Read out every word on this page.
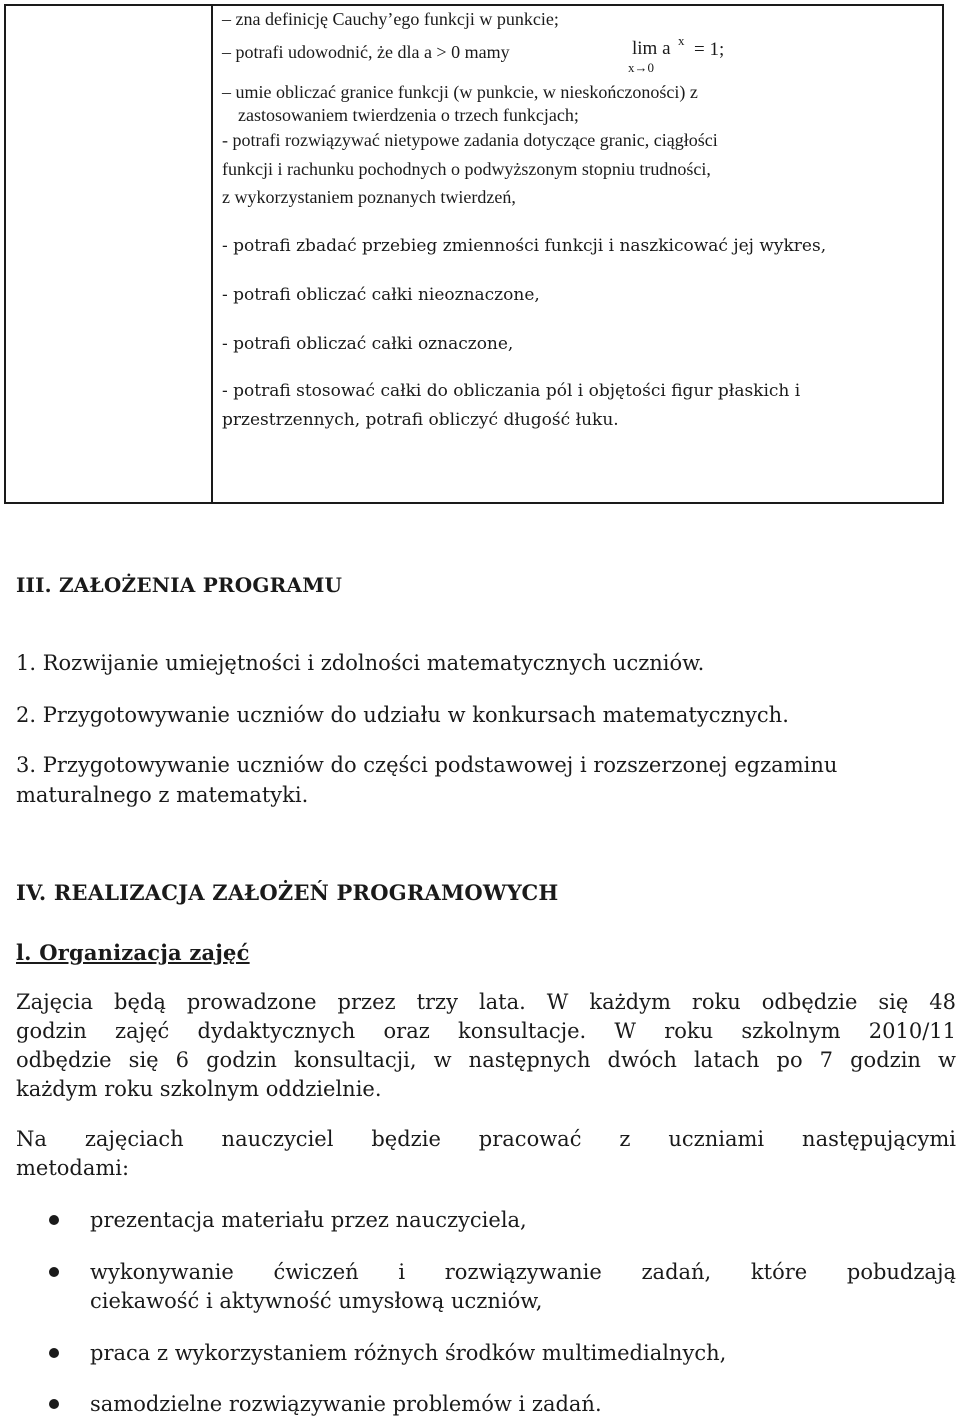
– zna definicję Cauchy’ego funkcji w punkcie;
– potrafi udowodnić, że dla a > 0 mamy	lim a x
x→0
= 1;
– umie obliczać granice funkcji (w punkcie, w nieskończoności) z
zastosowaniem twierdzenia o trzech funkcjach;
- potrafi rozwiązywać nietypowe zadania dotyczące granic, ciągłości
funkcji i rachunku pochodnych o podwyższonym stopniu trudności,
z wykorzystaniem poznanych twierdzeń,
- potrafi zbadać przebieg zmienności funkcji i naszkicować jej wykres,
- potrafi obliczać całki nieoznaczone,
- potrafi obliczać całki oznaczone,
- potrafi stosować całki do obliczania pól i objętości figur płaskich i
przestrzennych, potrafi obliczyć długość łuku.
III. ZAŁOŻENIA PROGRAMU
1. Rozwijanie umiejętności i zdolności matematycznych uczniów.
2. Przygotowywanie uczniów do udziału w konkursach matematycznych.
3. Przygotowywanie uczniów do części podstawowej i rozszerzonej egzaminu
maturalnego z matematyki.
IV. REALIZACJA ZAŁOŻEŃ PROGRAMOWYCH
l. Organizacja zajęć
Zajęcia będą prowadzone przez trzy lata. W każdym roku odbędzie się 48
godzin zajęć dydaktycznych oraz konsultacje. W roku szkolnym 2010/11
odbędzie się 6 godzin konsultacji, w następnych dwóch latach po 7 godzin w
każdym roku szkolnym oddzielnie.
Na zajęciach nauczyciel będzie pracować z uczniami następującymi
metodami:
prezentacja materiału przez nauczyciela,
wykonywanie ćwiczeń i rozwiązywanie zadań, które pobudzają
ciekawość i aktywność umysłową uczniów,
praca z wykorzystaniem różnych środków multimedialnych,
samodzielne rozwiązywanie problemów i zadań.
